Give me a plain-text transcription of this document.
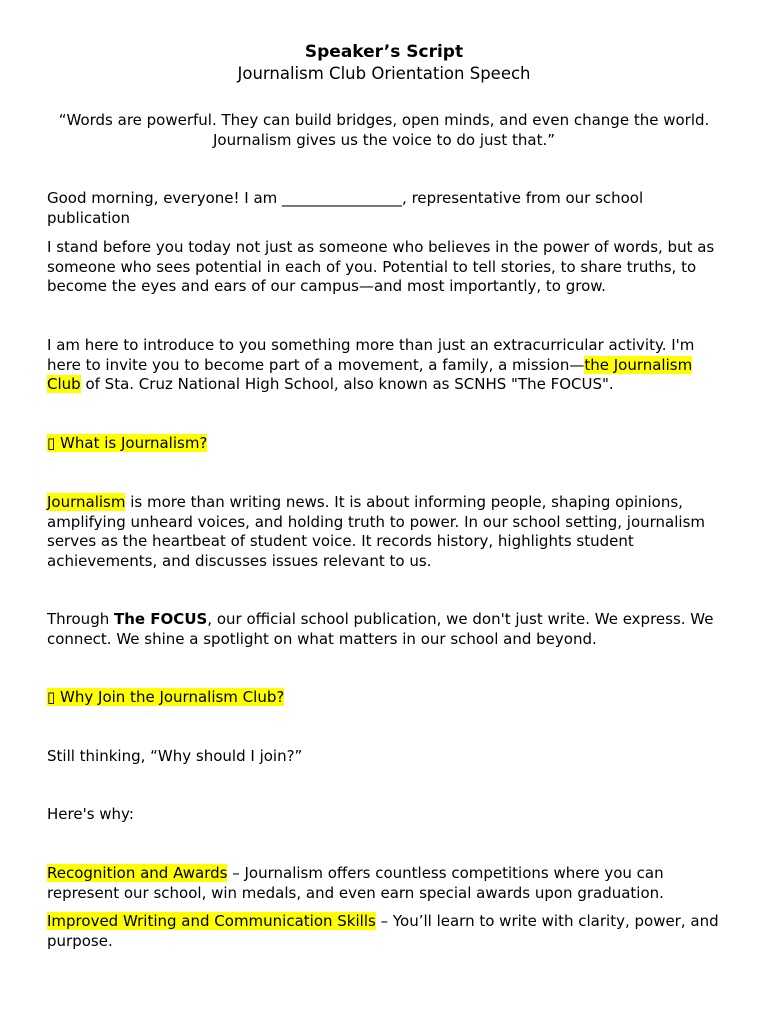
Speaker’s Script
Journalism Club Orientation Speech
“Words are powerful. They can build bridges, open minds, and even change the world.
Journalism gives us the voice to do just that.”
Good morning, everyone! I am ________________, representative from our school publication
I stand before you today not just as someone who believes in the power of words, but as someone who sees potential in each of you. Potential to tell stories, to share truths, to become the eyes and ears of our campus—and most importantly, to grow.
I am here to introduce to you something more than just an extracurricular activity. I'm here to invite you to become part of a movement, a family, a mission—the Journalism Club of Sta. Cruz National High School, also known as SCNHS "The FOCUS".
▯ What is Journalism?
Journalism is more than writing news. It is about informing people, shaping opinions, amplifying unheard voices, and holding truth to power. In our school setting, journalism serves as the heartbeat of student voice. It records history, highlights student achievements, and discusses issues relevant to us.
Through The FOCUS, our official school publication, we don't just write. We express. We connect. We shine a spotlight on what matters in our school and beyond.
▯ Why Join the Journalism Club?
Still thinking, “Why should I join?”
Here's why:
Recognition and Awards – Journalism offers countless competitions where you can represent our school, win medals, and even earn special awards upon graduation.
Improved Writing and Communication Skills – You’ll learn to write with clarity, power, and purpose.
